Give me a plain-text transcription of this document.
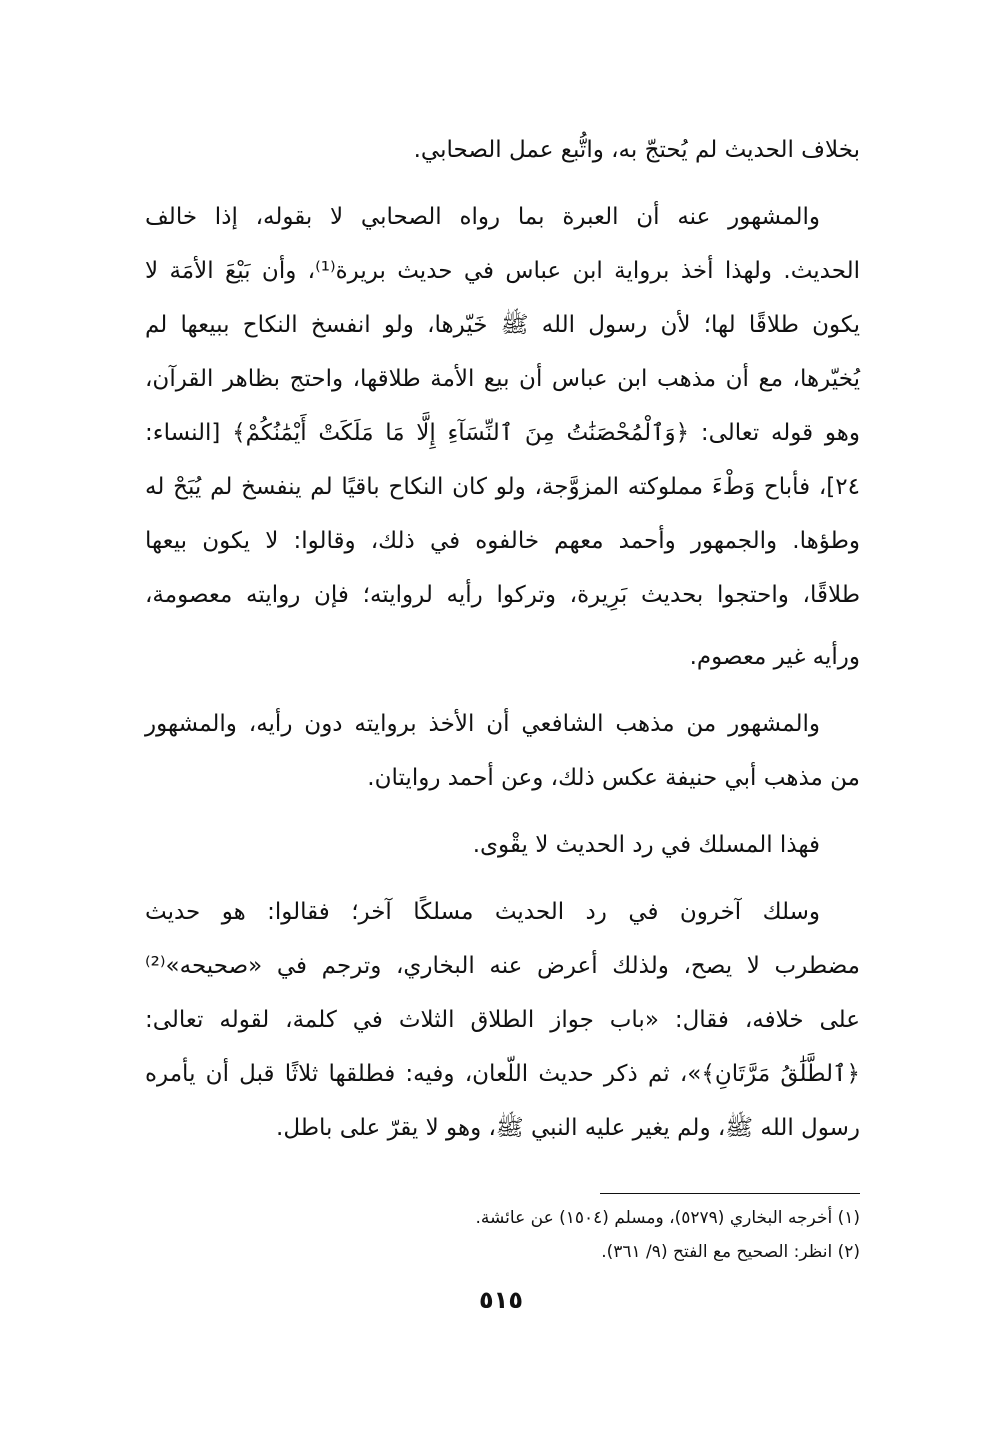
بخلاف الحديث لم يُحتجّ به، واتُّبع عمل الصحابي.
والمشهور عنه أن العبرة بما رواه الصحابي لا بقوله، إذا خالف
الحديث. ولهذا أخذ برواية ابن عباس في حديث بريرة⁽¹⁾، وأن بَيْعَ الأمَة لا
يكون طلاقًا لها؛ لأن رسول الله ﷺ خَيّرها، ولو انفسخ النكاح ببيعها لم
يُخيّرها، مع أن مذهب ابن عباس أن بيع الأمة طلاقها، واحتج بظاهر القرآن،
وهو قوله تعالى: ﴿وَٱلْمُحْصَنَٰتُ مِنَ ٱلنِّسَآءِ إِلَّا مَا مَلَكَتْ أَيْمَٰنُكُمْ﴾ [النساء:
٢٤]، فأباح وَطْءَ مملوكته المزوَّجة، ولو كان النكاح باقيًا لم ينفسخ لم يُبَحْ له
وطؤها. والجمهور وأحمد معهم خالفوه في ذلك، وقالوا: لا يكون بيعها
طلاقًا، واحتجوا بحديث بَرِيرة، وتركوا رأيه لروايته؛ فإن روايته معصومة،
ورأيه غير معصوم.
والمشهور من مذهب الشافعي أن الأخذ بروايته دون رأيه، والمشهور
من مذهب أبي حنيفة عكس ذلك، وعن أحمد روايتان.
فهذا المسلك في رد الحديث لا يقْوى.
وسلك آخرون في رد الحديث مسلكًا آخر؛ فقالوا: هو حديث
مضطرب لا يصح، ولذلك أعرض عنه البخاري، وترجم في «صحيحه»⁽²⁾
على خلافه، فقال: «باب جواز الطلاق الثلاث في كلمة، لقوله تعالى:
﴿ٱلطَّلَٰقُ مَرَّتَانِ﴾»، ثم ذكر حديث اللّعان، وفيه: فطلقها ثلاثًا قبل أن يأمره
رسول الله ﷺ، ولم يغير عليه النبي ﷺ، وهو لا يقرّ على باطل.
(١) أخرجه البخاري (٥٢٧٩)، ومسلم (١٥٠٤) عن عائشة.
(٢) انظر: الصحيح مع الفتح (٩/ ٣٦١).
٥١٥
